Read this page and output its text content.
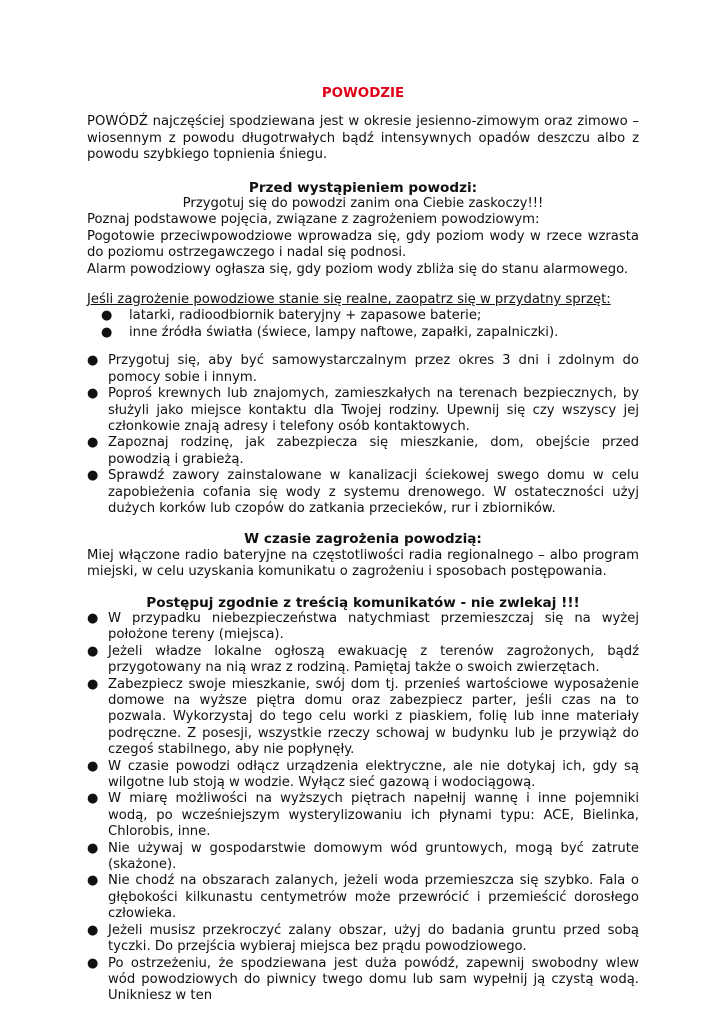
POWODZIE

POWÓDŹ najczęściej spodziewana jest w okresie jesienno-zimowym oraz zimowo – wiosennym z powodu długotrwałych bądź intensywnych opadów deszczu albo z powodu szybkiego topnienia śniegu.

Przed wystąpieniem powodzi:

Przygotuj się do powodzi zanim ona Ciebie zaskoczy!!!

Poznaj podstawowe pojęcia, związane z zagrożeniem powodziowym:

Pogotowie przeciwpowodziowe wprowadza się, gdy poziom wody w rzece wzrasta do poziomu ostrzegawczego i nadal się podnosi.

Alarm powodziowy ogłasza się, gdy poziom wody zbliża się do stanu alarmowego.

Jeśli zagrożenie powodziowe stanie się realne, zaopatrz się w przydatny sprzęt:

● latarki, radioodbiornik bateryjny + zapasowe baterie;
● inne źródła światła (świece, lampy naftowe, zapałki, zapalniczki).
● Przygotuj się, aby być samowystarczalnym przez okres 3 dni i zdolnym do pomocy sobie i innym.
● Poproś krewnych lub znajomych, zamieszkałych na terenach bezpiecznych, by służyli jako miejsce kontaktu dla Twojej rodziny. Upewnij się czy wszyscy jej członkowie znają adresy i telefony osób kontaktowych.
● Zapoznaj rodzinę, jak zabezpiecza się mieszkanie, dom, obejście przed powodzią i grabieżą.
● Sprawdź zawory zainstalowane w kanalizacji ściekowej swego domu w celu zapobieżenia cofania się wody z systemu drenowego. W ostateczności użyj dużych korków lub czopów do zatkania przecieków, rur i zbiorników.

W czasie zagrożenia powodzią:

Miej włączone radio bateryjne na częstotliwości radia regionalnego – albo program miejski, w celu uzyskania komunikatu o zagrożeniu i sposobach postępowania.

Postępuj zgodnie z treścią komunikatów - nie zwlekaj !!!

● W przypadku niebezpieczeństwa natychmiast przemieszczaj się na wyżej położone tereny (miejsca).
● Jeżeli władze lokalne ogłoszą ewakuację z terenów zagrożonych, bądź przygotowany na nią wraz z rodziną. Pamiętaj także o swoich zwierzętach.
● Zabezpiecz swoje mieszkanie, swój dom tj. przenieś wartościowe wyposażenie domowe na wyższe piętra domu oraz zabezpiecz parter, jeśli czas na to pozwala. Wykorzystaj do tego celu worki z piaskiem, folię lub inne materiały podręczne. Z posesji, wszystkie rzeczy schowaj w budynku lub je przywiąż do czegoś stabilnego, aby nie popłynęły.
● W czasie powodzi odłącz urządzenia elektryczne, ale nie dotykaj ich, gdy są wilgotne lub stoją w wodzie. Wyłącz sieć gazową i wodociągową.
● W miarę możliwości na wyższych piętrach napełnij wannę i inne pojemniki wodą, po wcześniejszym wysterylizowaniu ich płynami typu: ACE, Bielinka, Chlorobis, inne.
● Nie używaj w gospodarstwie domowym wód gruntowych, mogą być zatrute (skażone).
● Nie chodź na obszarach zalanych, jeżeli woda przemieszcza się szybko. Fala o głębokości kilkunastu centymetrów może przewrócić i przemieścić dorosłego człowieka.
● Jeżeli musisz przekroczyć zalany obszar, użyj do badania gruntu przed sobą tyczki. Do przejścia wybieraj miejsca bez prądu powodziowego.
● Po ostrzeżeniu, że spodziewana jest duża powódź, zapewnij swobodny wlew wód powodziowych do piwnicy twego domu lub sam wypełnij ją czystą wodą. Unikniesz w ten
